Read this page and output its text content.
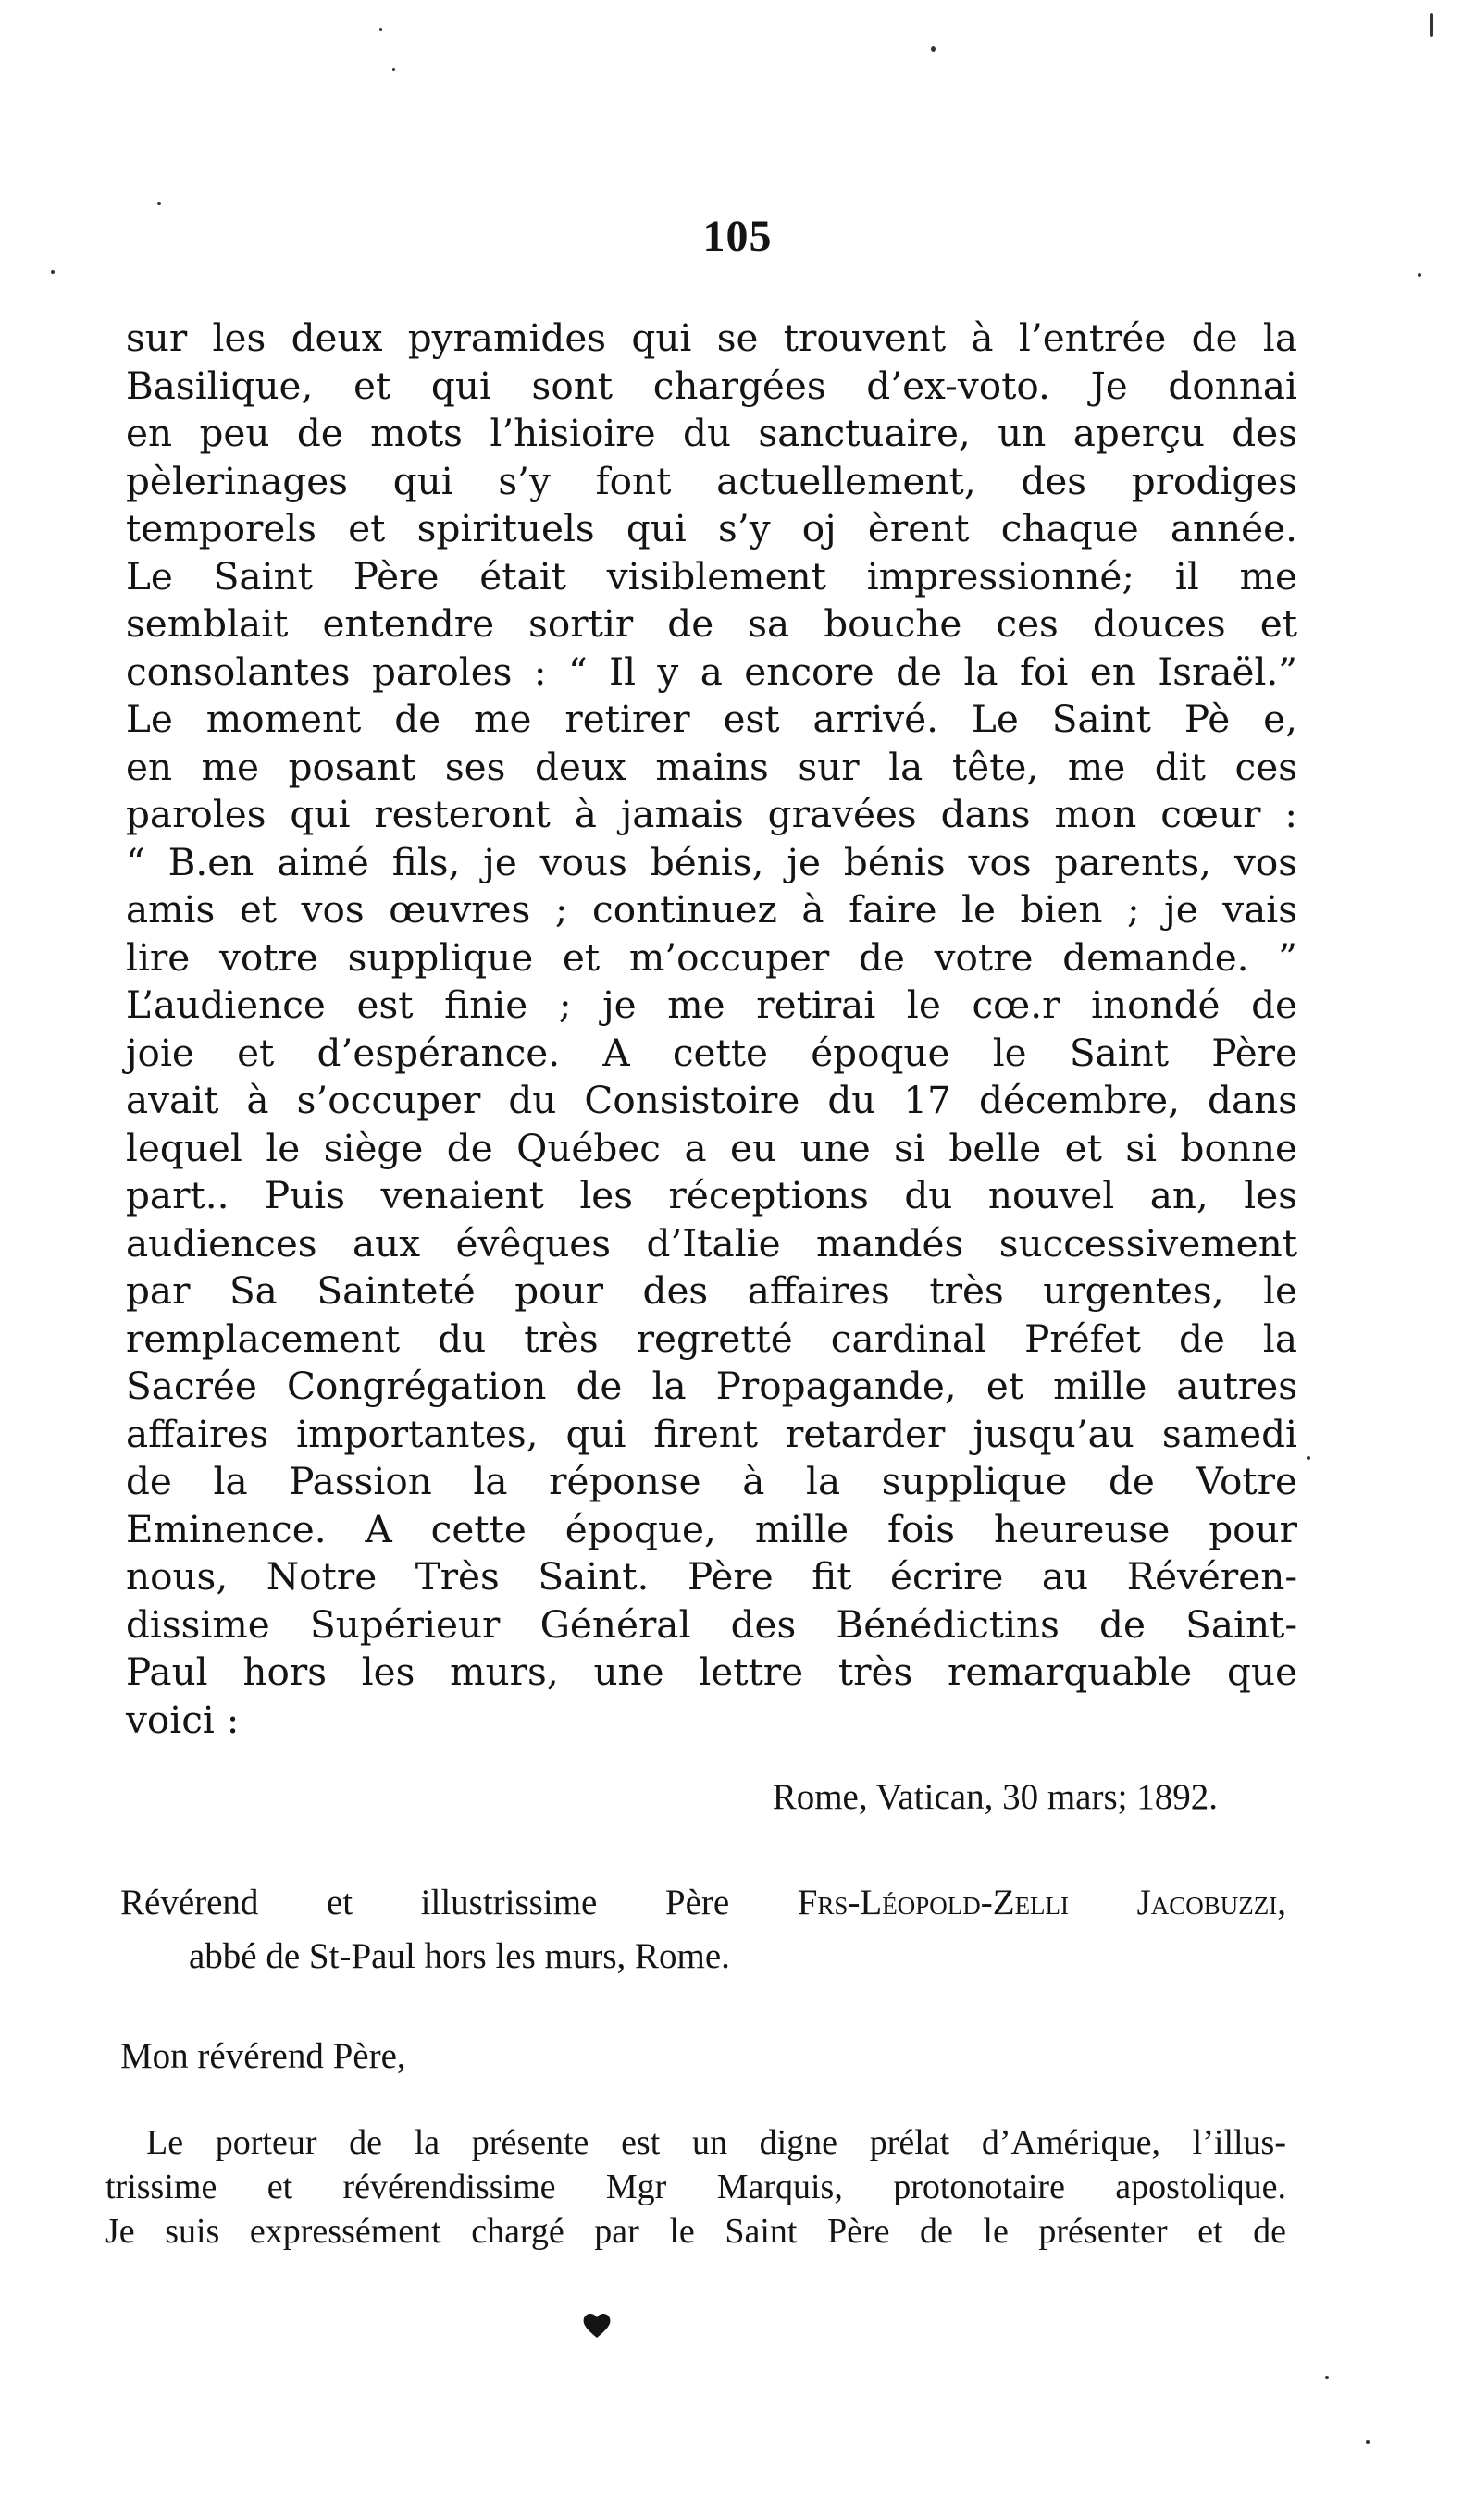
105
sur les deux pyramides qui se trouvent à l’entrée de la
Basilique, et qui sont chargées d’ex-voto. Je donnai
en peu de mots l’hisioire du sanctuaire, un aperçu des
pèlerinages qui s’y font actuellement, des prodiges
temporels et spirituels qui s’y oj èrent chaque année.
Le Saint Père était visiblement impressionné; il me
semblait entendre sortir de sa bouche ces douces et
consolantes paroles : “ Il y a encore de la foi en Israël.”
Le moment de me retirer est arrivé. Le Saint Pè e,
en me posant ses deux mains sur la tête, me dit ces
paroles qui resteront à jamais gravées dans mon cœur :
“ B.en aimé fils, je vous bénis, je bénis vos parents, vos
amis et vos œuvres ; continuez à faire le bien ; je vais
lire votre supplique et m’occuper de votre demande. ”
L’audience est finie ; je me retirai le cœ.r inondé de
joie et d’espérance. A cette époque le Saint Père
avait à s’occuper du Consistoire du 17 décembre, dans
lequel le siège de Québec a eu une si belle et si bonne
part.. Puis venaient les réceptions du nouvel an, les
audiences aux évêques d’Italie mandés successivement
par Sa Sainteté pour des affaires très urgentes, le
remplacement du très regretté cardinal Préfet de la
Sacrée Congrégation de la Propagande, et mille autres
affaires importantes, qui firent retarder jusqu’au samedi
de la Passion la réponse à la supplique de Votre
Eminence. A cette époque, mille fois heureuse pour
nous, Notre Très Saint. Père fit écrire au Révéren-
dissime Supérieur Général des Bénédictins de Saint-
Paul hors les murs, une lettre très remarquable que
voici :
Rome, Vatican, 30 mars; 1892.
Révérend et illustrissime Père Frs-Léopold-Zelli Jacobuzzi,
abbé de St-Paul hors les murs, Rome.
Mon révérend Père,
Le porteur de la présente est un digne prélat d’Amérique, l’illus-
trissime et révérendissime Mgr Marquis, protonotaire apostolique.
Je suis expressément chargé par le Saint Père de le présenter et de
